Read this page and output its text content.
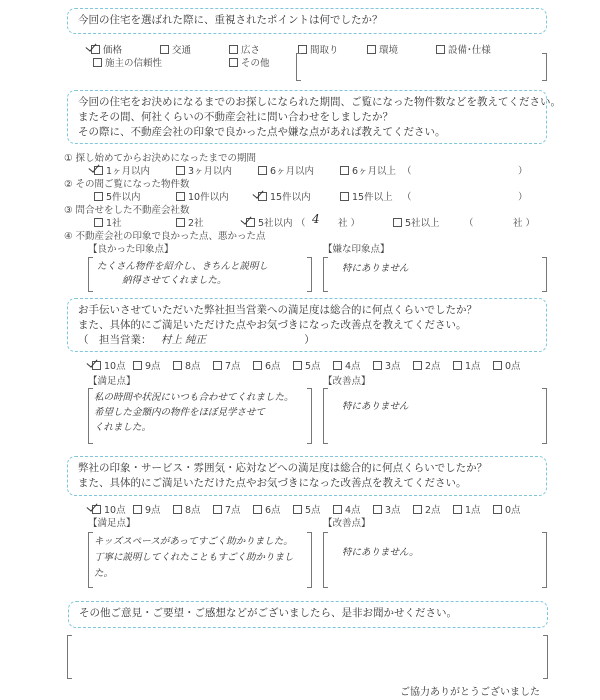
今回の住宅を選ばれた際に、重視されたポイントは何でしたか？
価格	交通	広さ	間取り	環境	設備･仕様
施主の信頼性	その他
今回の住宅をお決めになるまでのお探しになられた期間、ご覧になった物件数などを教えてください。
またその間、何社くらいの不動産会社に問い合わせをしましたか？
その際に、不動産会社の印象で良かった点や嫌な点があれば教えてください。
① 探し始めてからお決めになったまでの期間
1ヶ月以内	3ヶ月以内	6ヶ月以内	6ヶ月以上 （	）
② その間ご覧になった物件数
5件以内	10件以内	15件以内	15件以上 （	）
③ 問合せをした不動産会社数
1社	2社	5社以内 （ 4 社 ）	5社以上	（	社 ）
④ 不動産会社の印象で良かった点、悪かった点
【良かった印象点】	【嫌な印象点】
たくさん物件を紹介し、きちんと説明し
納得させてくれました。
特にありません
お手伝いさせていただいた弊社担当営業への満足度は総合的に何点くらいでしたか？
また、具体的にご満足いただけた点やお気づきになった改善点を教えてください。
（　担当営業： 村上 純正	）
10点	9点	8点	7点	6点	5点	4点	3点	2点	1点	0点
【満足点】	【改善点】
私の時間や状況にいつも合わせてくれました。
希望した金額内の物件をほぼ見学させて
くれました。
特にありません
弊社の印象・サービス・雰囲気・応対などへの満足度は総合的に何点くらいでしたか？
また、具体的にご満足いただけた点やお気づきになった改善点を教えてください。
10点	9点	8点	7点	6点	5点	4点	3点	2点	1点	0点
【満足点】	【改善点】
キッズスペースがあってすごく助かりました。
丁寧に説明してくれたこともすごく助かりまし
た。
特にありません。
その他ご意見・ご要望・ご感想などがございましたら、是非お聞かせください。
ご協力ありがとうございました
